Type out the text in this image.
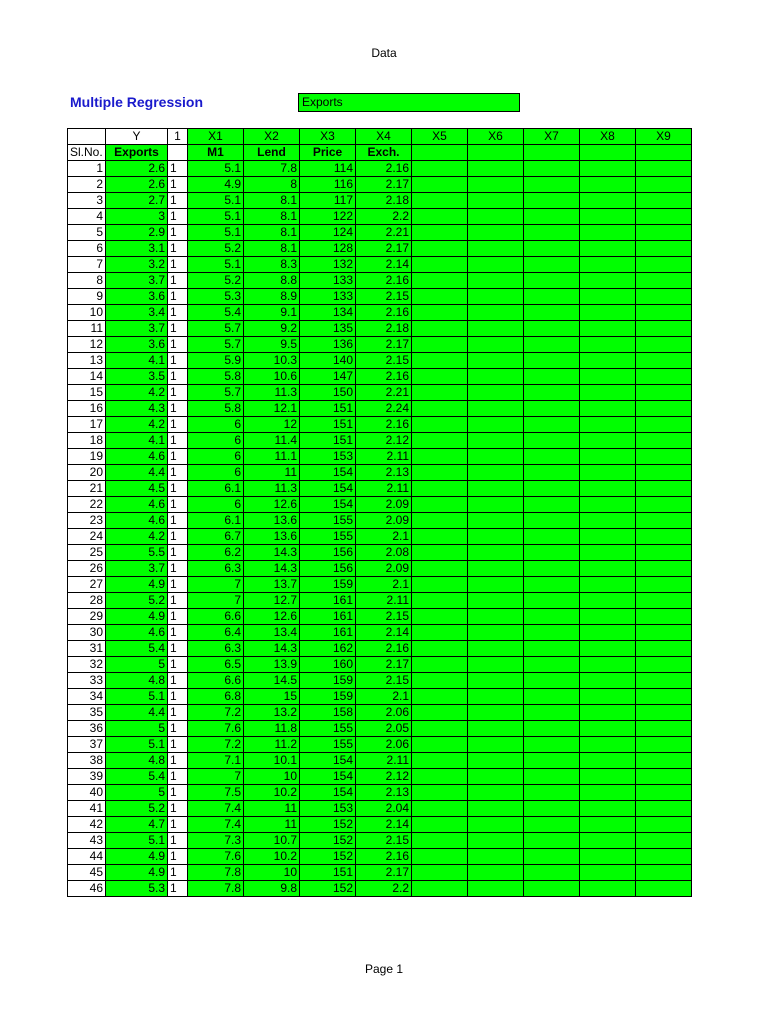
Data
Multiple Regression	Exports
	Y	1	X1	X2	X3	X4	X5	X6	X7	X8	X9
Sl.No.	Exports		M1	Lend	Price	Exch.					
1	2.6	1	5.1	7.8	114	2.16					
2	2.6	1	4.9	8	116	2.17					
3	2.7	1	5.1	8.1	117	2.18					
4	3	1	5.1	8.1	122	2.2					
5	2.9	1	5.1	8.1	124	2.21					
6	3.1	1	5.2	8.1	128	2.17					
7	3.2	1	5.1	8.3	132	2.14					
8	3.7	1	5.2	8.8	133	2.16					
9	3.6	1	5.3	8.9	133	2.15					
10	3.4	1	5.4	9.1	134	2.16					
11	3.7	1	5.7	9.2	135	2.18					
12	3.6	1	5.7	9.5	136	2.17					
13	4.1	1	5.9	10.3	140	2.15					
14	3.5	1	5.8	10.6	147	2.16					
15	4.2	1	5.7	11.3	150	2.21					
16	4.3	1	5.8	12.1	151	2.24					
17	4.2	1	6	12	151	2.16					
18	4.1	1	6	11.4	151	2.12					
19	4.6	1	6	11.1	153	2.11					
20	4.4	1	6	11	154	2.13					
21	4.5	1	6.1	11.3	154	2.11					
22	4.6	1	6	12.6	154	2.09					
23	4.6	1	6.1	13.6	155	2.09					
24	4.2	1	6.7	13.6	155	2.1					
25	5.5	1	6.2	14.3	156	2.08					
26	3.7	1	6.3	14.3	156	2.09					
27	4.9	1	7	13.7	159	2.1					
28	5.2	1	7	12.7	161	2.11					
29	4.9	1	6.6	12.6	161	2.15					
30	4.6	1	6.4	13.4	161	2.14					
31	5.4	1	6.3	14.3	162	2.16					
32	5	1	6.5	13.9	160	2.17					
33	4.8	1	6.6	14.5	159	2.15					
34	5.1	1	6.8	15	159	2.1					
35	4.4	1	7.2	13.2	158	2.06					
36	5	1	7.6	11.8	155	2.05					
37	5.1	1	7.2	11.2	155	2.06					
38	4.8	1	7.1	10.1	154	2.11					
39	5.4	1	7	10	154	2.12					
40	5	1	7.5	10.2	154	2.13					
41	5.2	1	7.4	11	153	2.04					
42	4.7	1	7.4	11	152	2.14					
43	5.1	1	7.3	10.7	152	2.15					
44	4.9	1	7.6	10.2	152	2.16					
45	4.9	1	7.8	10	151	2.17					
46	5.3	1	7.8	9.8	152	2.2					
Page 1
